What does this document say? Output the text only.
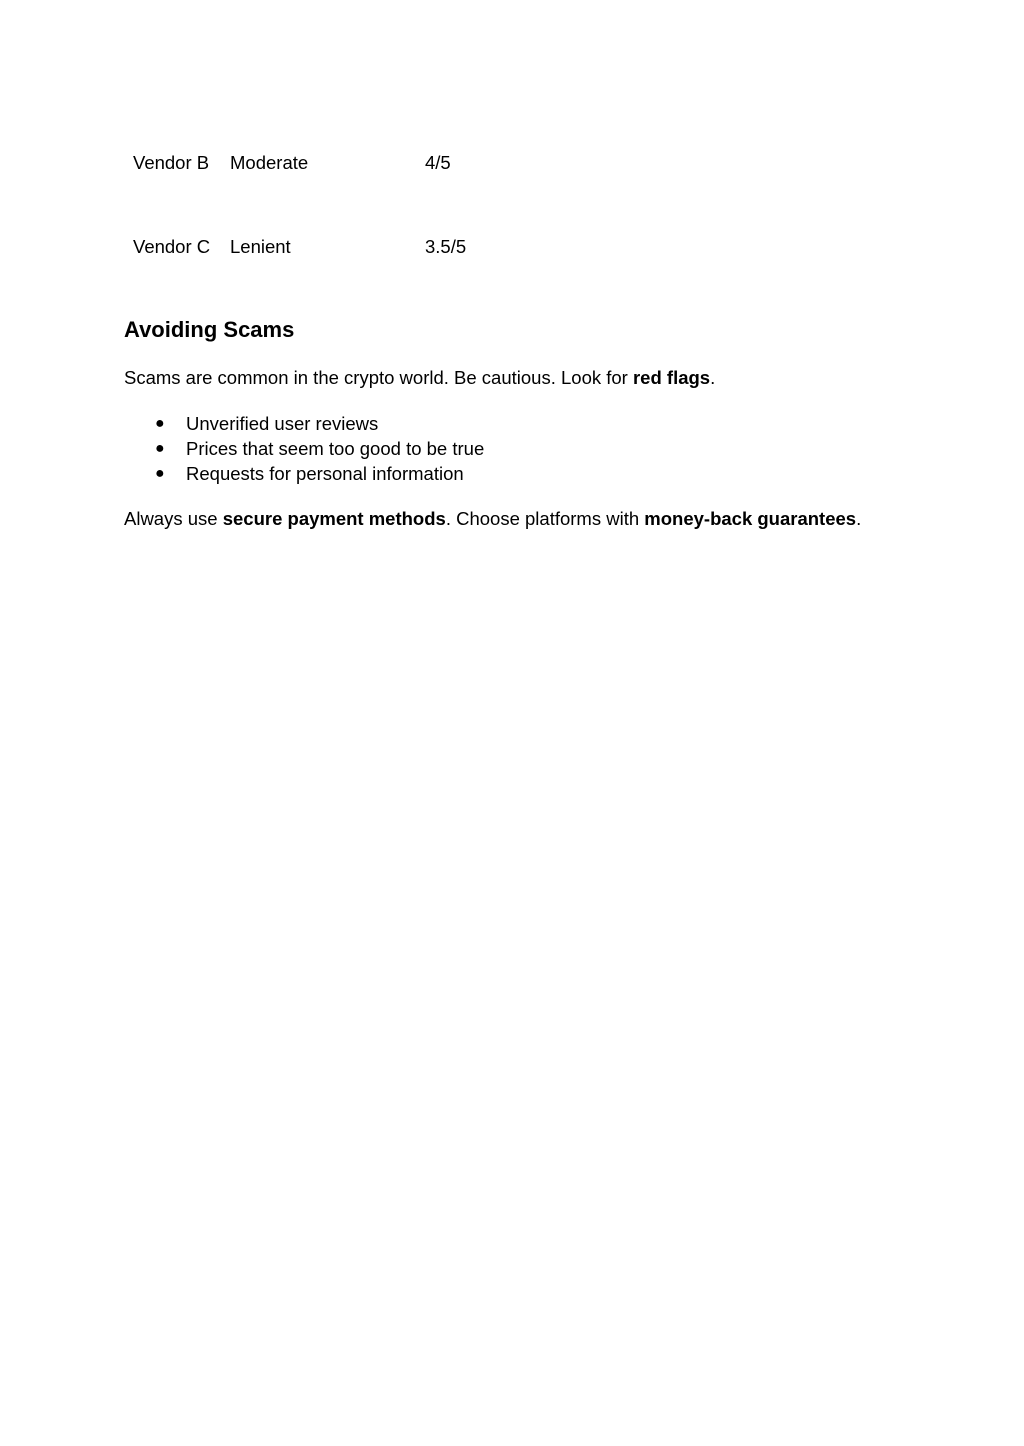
Vendor B	Moderate	4/5
Vendor C	Lenient	3.5/5
Avoiding Scams

Scams are common in the crypto world. Be cautious. Look for red flags.

● Unverified user reviews
● Prices that seem too good to be true
● Requests for personal information

Always use secure payment methods. Choose platforms with money-back guarantees.
